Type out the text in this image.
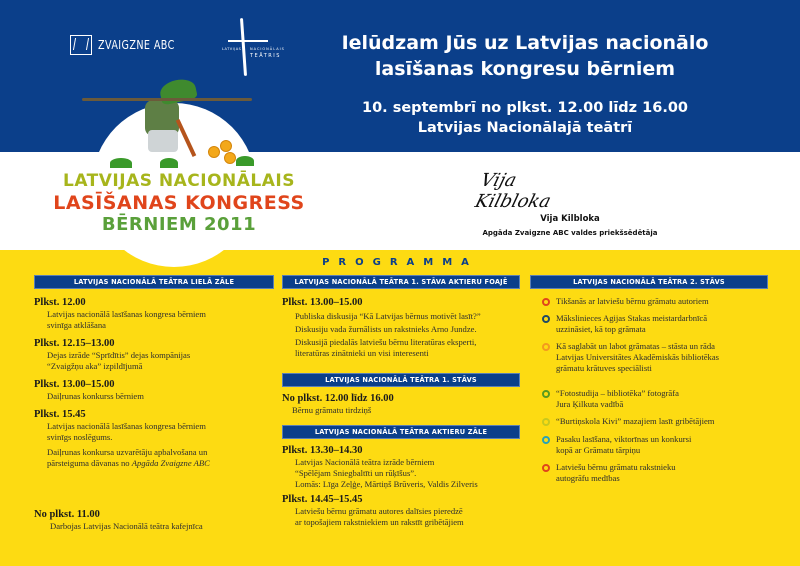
ZVAIGZNE ABC	LATVIJAS NACIONĀLAIS
TEĀTRIS
Ielūdzam Jūs uz Latvijas nacionālo
lasīšanas kongresu bērniem
10. septembrī no plkst. 12.00 līdz 16.00
Latvijas Nacionālajā teātrī
LATVIJAS NACIONĀLAIS
LASĪŠANAS KONGRESS
BĒRNIEM 2011
Vija Kilbloka
Vija Kilbloka
Apgāda Zvaigzne ABC valdes priekšsēdētāja
PROGRAMMA
LATVIJAS NACIONĀLĀ TEĀTRA LIELĀ ZĀLE
Plkst. 12.00
Latvijas nacionālā lasīšanas kongresa bērniem
svinīga atklāšana
Plkst. 12.15–13.00
Dejas izrāde “Sprīdītis” dejas kompānijas
“Zvaigžņu aka” izpildījumā
Plkst. 13.00–15.00
Daiļrunas konkurss bērniem
Plkst. 15.45
Latvijas nacionālā lasīšanas kongresa bērniem
svinīgs noslēgums.
Daiļrunas konkursa uzvarētāju apbalvošana un
pārsteiguma dāvanas no Apgāda Zvaigzne ABC
No plkst. 11.00
Darbojas Latvijas Nacionālā teātra kafejnīca
LATVIJAS NACIONĀLĀ TEĀTRA 1. STĀVA AKTIERU FOAJĒ
Plkst. 13.00–15.00
Publiska diskusija “Kā Latvijas bērnus motivēt lasīt?”
Diskusiju vada žurnālists un rakstnieks Arno Jundze.
Diskusijā piedalās latviešu bērnu literatūras eksperti,
literatūras zinātnieki un visi interesenti
LATVIJAS NACIONĀLĀ TEĀTRA 1. STĀVS
No plkst. 12.00 līdz 16.00
Bērnu grāmatu tirdziņš
LATVIJAS NACIONĀLĀ TEĀTRA AKTIERU ZĀLE
Plkst. 13.30–14.30
Latvijas Nacionālā teātra izrāde bērniem
“Spēlējam Sniegbaltīti un rūķīšus”.
Lomās: Līga Zeļģe, Mārtiņš Brūveris, Valdis Zilveris
Plkst. 14.45–15.45
Latviešu bērnu grāmatu autores dalīsies pieredzē
ar topošajiem rakstniekiem un rakstīt gribētājiem
LATVIJAS NACIONĀLĀ TEĀTRA 2. STĀVS
Tikšanās ar latviešu bērnu grāmatu autoriem
Mākslinieces Agijas Stakas meistardarbnīcā
uzzināsiet, kā top grāmata
Kā saglabāt un labot grāmatas – stāsta un rāda
Latvijas Universitātes Akadēmiskās bibliotēkas
grāmatu krātuves speciālisti
“Fotostudija – bibliotēka” fotogrāfa
Jura Ķilkuta vadībā
“Burtiņskola Kivi” mazajiem lasīt gribētājiem
Pasaku lasīšana, viktorīnas un konkursi
kopā ar Grāmatu tārpiņu
Latviešu bērnu grāmatu rakstnieku
autogrāfu medības
